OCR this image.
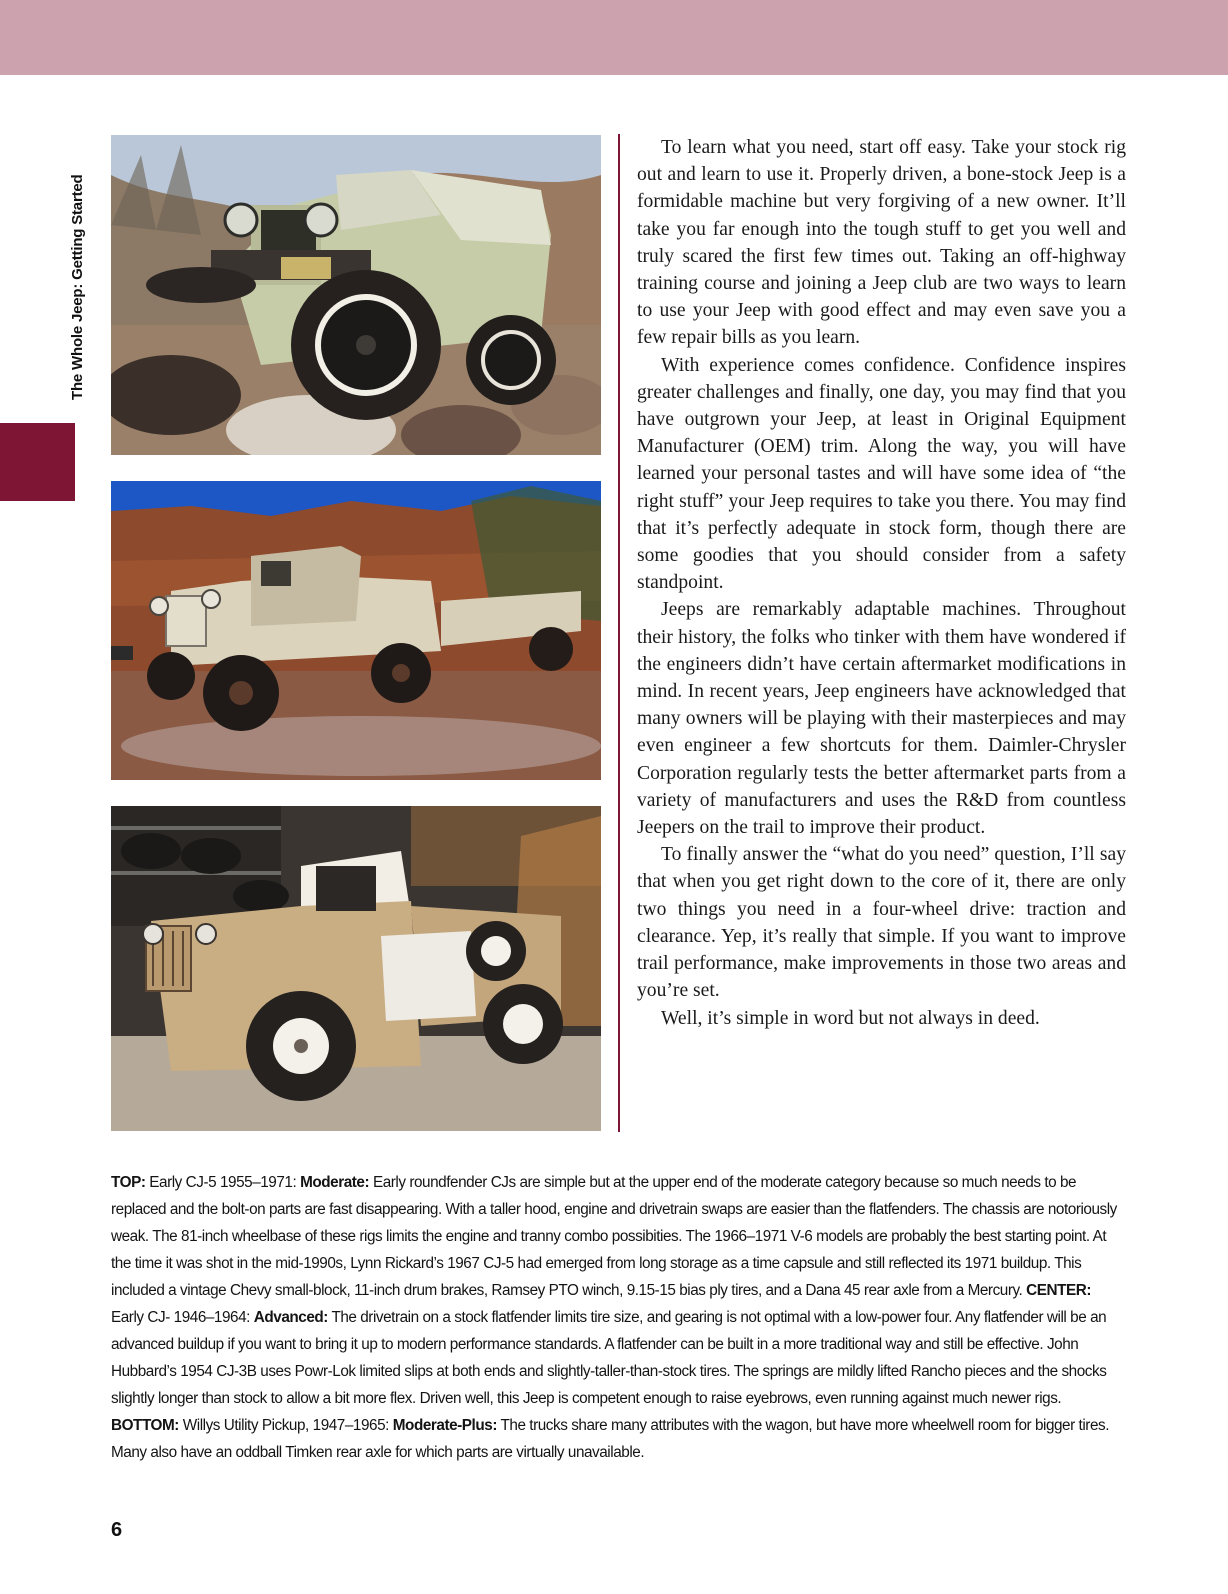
The Whole Jeep: Getting Started

To learn what you need, start off easy. Take your stock rig out and learn to use it. Properly driven, a bone-stock Jeep is a formidable machine but very forgiving of a new owner. It’ll take you far enough into the tough stuff to get you well and truly scared the first few times out. Taking an off-highway training course and joining a Jeep club are two ways to learn to use your Jeep with good effect and may even save you a few repair bills as you learn.

With experience comes confidence. Confidence inspires greater challenges and finally, one day, you may find that you have outgrown your Jeep, at least in Original Equipment Manufacturer (OEM) trim. Along the way, you will have learned your personal tastes and will have some idea of “the right stuff” your Jeep requires to take you there. You may find that it’s perfectly adequate in stock form, though there are some goodies that you should consider from a safety standpoint.

Jeeps are remarkably adaptable machines. Throughout their history, the folks who tinker with them have wondered if the engineers didn’t have certain aftermarket modifications in mind. In recent years, Jeep engineers have acknowledged that many owners will be playing with their masterpieces and may even engineer a few shortcuts for them. Daimler-Chrysler Corporation regularly tests the better aftermarket parts from a variety of manufacturers and uses the R&D from countless Jeepers on the trail to improve their product.

To finally answer the “what do you need” question, I’ll say that when you get right down to the core of it, there are only two things you need in a four-wheel drive: traction and clearance. Yep, it’s really that simple. If you want to improve trail performance, make improvements in those two areas and you’re set.

Well, it’s simple in word but not always in deed.

TOP: Early CJ-5 1955–1971: Moderate: Early roundfender CJs are simple but at the upper end of the moderate category because so much needs to be replaced and the bolt-on parts are fast disappearing. With a taller hood, engine and drivetrain swaps are easier than the flatfenders. The chassis are notoriously weak. The 81-inch wheelbase of these rigs limits the engine and tranny combo possibities. The 1966–1971 V-6 models are probably the best starting point. At the time it was shot in the mid-1990s, Lynn Rickard’s 1967 CJ-5 had emerged from long storage as a time capsule and still reflected its 1971 buildup. This included a vintage Chevy small-block, 11-inch drum brakes, Ramsey PTO winch, 9.15-15 bias ply tires, and a Dana 45 rear axle from a Mercury. CENTER: Early CJ- 1946–1964: Advanced: The drivetrain on a stock flatfender limits tire size, and gearing is not optimal with a low-power four. Any flatfender will be an advanced buildup if you want to bring it up to modern performance standards. A flatfender can be built in a more traditional way and still be effective. John Hubbard’s 1954 CJ-3B uses Powr-Lok limited slips at both ends and slightly-taller-than-stock tires. The springs are mildly lifted Rancho pieces and the shocks slightly longer than stock to allow a bit more flex. Driven well, this Jeep is competent enough to raise eyebrows, even running against much newer rigs. BOTTOM: Willys Utility Pickup, 1947–1965: Moderate-Plus: The trucks share many attributes with the wagon, but have more wheelwell room for bigger tires. Many also have an oddball Timken rear axle for which parts are virtually unavailable.

6
